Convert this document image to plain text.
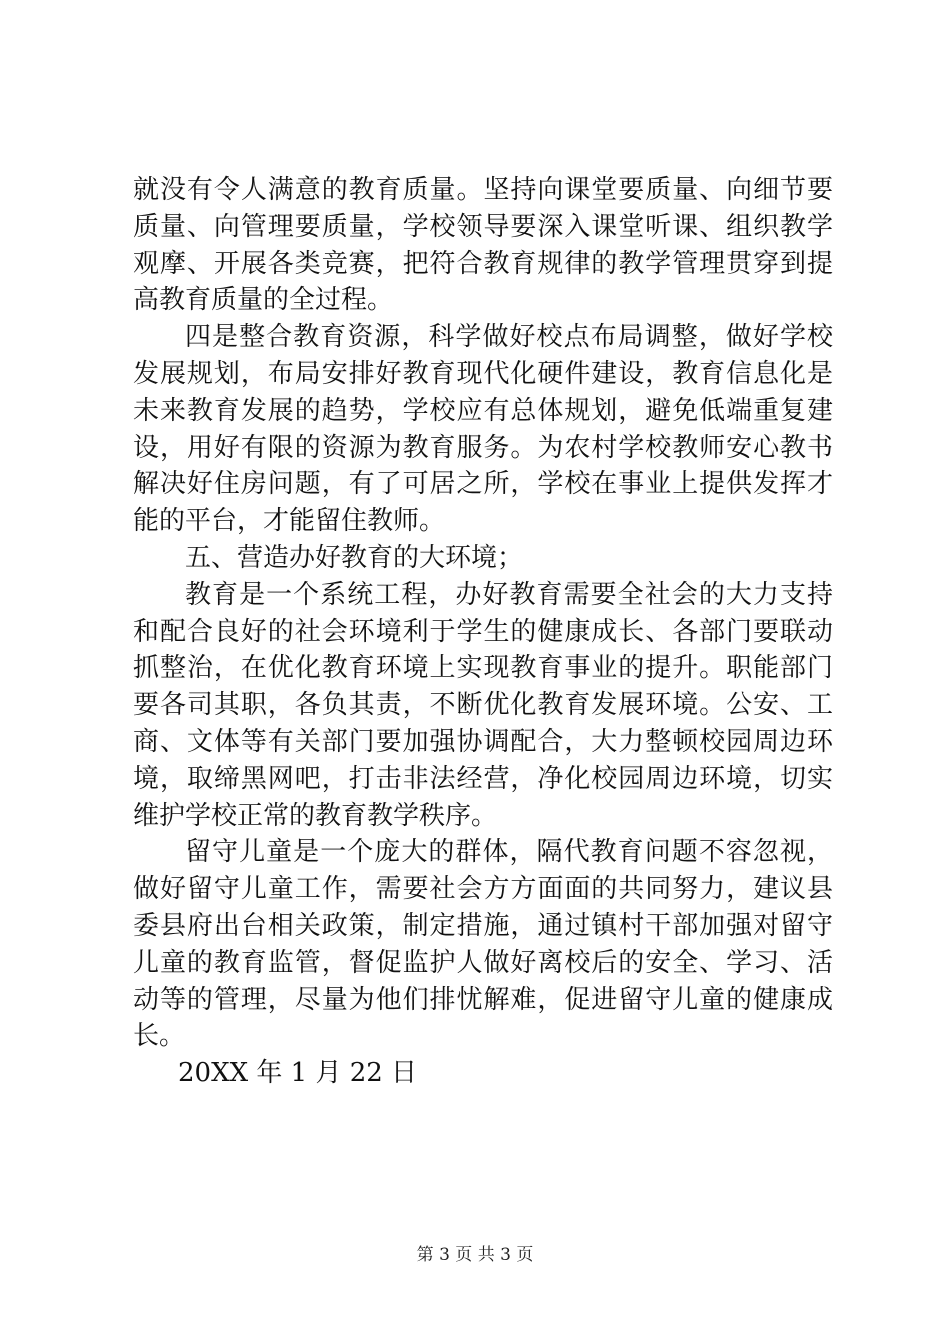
就没有令人满意的教育质量。坚持向课堂要质量、向细节要质量、向管理要质量，学校领导要深入课堂听课、组织教学观摩、开展各类竞赛，把符合教育规律的教学管理贯穿到提高教育质量的全过程。

四是整合教育资源，科学做好校点布局调整，做好学校发展规划，布局安排好教育现代化硬件建设，教育信息化是未来教育发展的趋势，学校应有总体规划，避免低端重复建设，用好有限的资源为教育服务。为农村学校教师安心教书解决好住房问题，有了可居之所，学校在事业上提供发挥才能的平台，才能留住教师。

五、营造办好教育的大环境；

教育是一个系统工程，办好教育需要全社会的大力支持和配合良好的社会环境利于学生的健康成长、各部门要联动抓整治，在优化教育环境上实现教育事业的提升。职能部门要各司其职，各负其责，不断优化教育发展环境。公安、工商、文体等有关部门要加强协调配合，大力整顿校园周边环境，取缔黑网吧，打击非法经营，净化校园周边环境，切实维护学校正常的教育教学秩序。

留守儿童是一个庞大的群体，隔代教育问题不容忽视，做好留守儿童工作，需要社会方方面面的共同努力，建议县委县府出台相关政策，制定措施，通过镇村干部加强对留守儿童的教育监管，督促监护人做好离校后的安全、学习、活动等的管理，尽量为他们排忧解难，促进留守儿童的健康成长。

20XX 年 1 月 22 日

第 3 页 共 3 页
